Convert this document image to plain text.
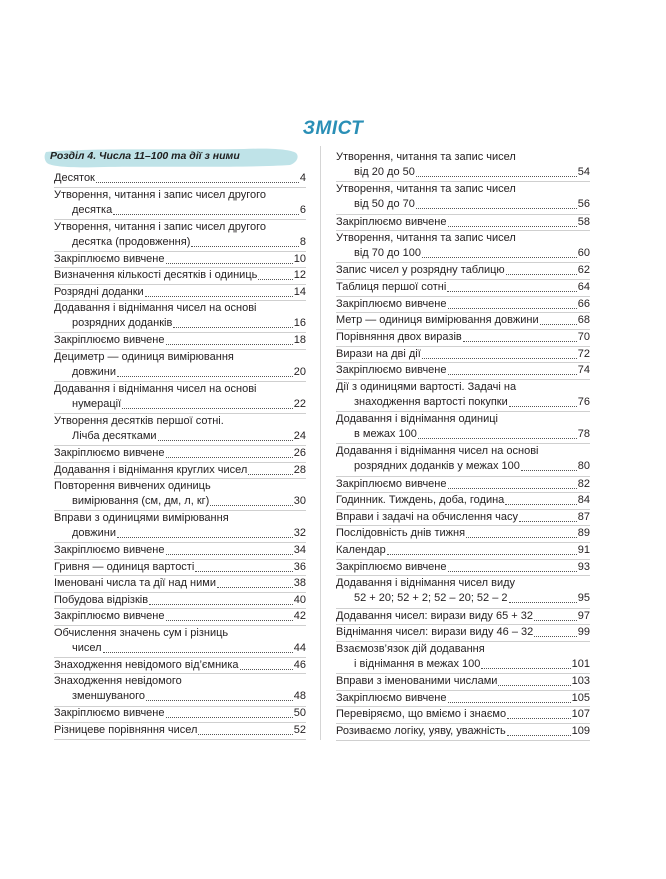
ЗМІСТ
Розділ 4. Числа 11–100 та дії з ними
Десяток	4
Утворення, читання і запис чисел другого
десятка	6
Утворення, читання і запис чисел другого
десятка (продовження)	8
Закріплюємо вивчене	10
Визначення кількості десятків і одиниць	12
Розрядні доданки	14
Додавання і віднімання чисел на основі
розрядних доданків	16
Закріплюємо вивчене	18
Дециметр — одиниця вимірювання
довжини	20
Додавання і віднімання чисел на основі
нумерації	22
Утворення десятків першої сотні.
Лічба десятками	24
Закріплюємо вивчене	26
Додавання і віднімання круглих чисел	28
Повторення вивчених одиниць
вимірювання (см, дм, л, кг)	30
Вправи з одиницями вимірювання
довжини	32
Закріплюємо вивчене	34
Гривня — одиниця вартості	36
Іменовані числа та дії над ними	38
Побудова відрізків	40
Закріплюємо вивчене	42
Обчислення значень сум і різниць
чисел	44
Знаходження невідомого від’ємника	46
Знаходження невідомого
зменшуваного	48
Закріплюємо вивчене	50
Різницеве порівняння чисел	52
Утворення, читання та запис чисел
від 20 до 50	54
Утворення, читання та запис чисел
від 50 до 70	56
Закріплюємо вивчене	58
Утворення, читання та запис чисел
від 70 до 100	60
Запис чисел у розрядну таблицю	62
Таблиця першої сотні	64
Закріплюємо вивчене	66
Метр — одиниця вимірювання довжини	68
Порівняння двох виразів	70
Вирази на дві дії	72
Закріплюємо вивчене	74
Дії з одиницями вартості. Задачі на
знаходження вартості покупки	76
Додавання і віднімання одиниці
в межах 100	78
Додавання і віднімання чисел на основі
розрядних доданків у межах 100	80
Закріплюємо вивчене	82
Годинник. Тиждень, доба, година	84
Вправи і задачі на обчислення часу	87
Послідовність днів тижня	89
Календар	91
Закріплюємо вивчене	93
Додавання і віднімання чисел виду
52 + 20; 52 + 2; 52 – 20; 52 – 2	95
Додавання чисел: вирази виду 65 + 32	97
Віднімання чисел: вирази виду 46 – 32	99
Взаємозв’язок дій додавання
і віднімання в межах 100	101
Вправи з іменованими числами	103
Закріплюємо вивчене	105
Перевіряємо, що вміємо і знаємо	107
Розиваємо логіку, уяву, уважність	109
